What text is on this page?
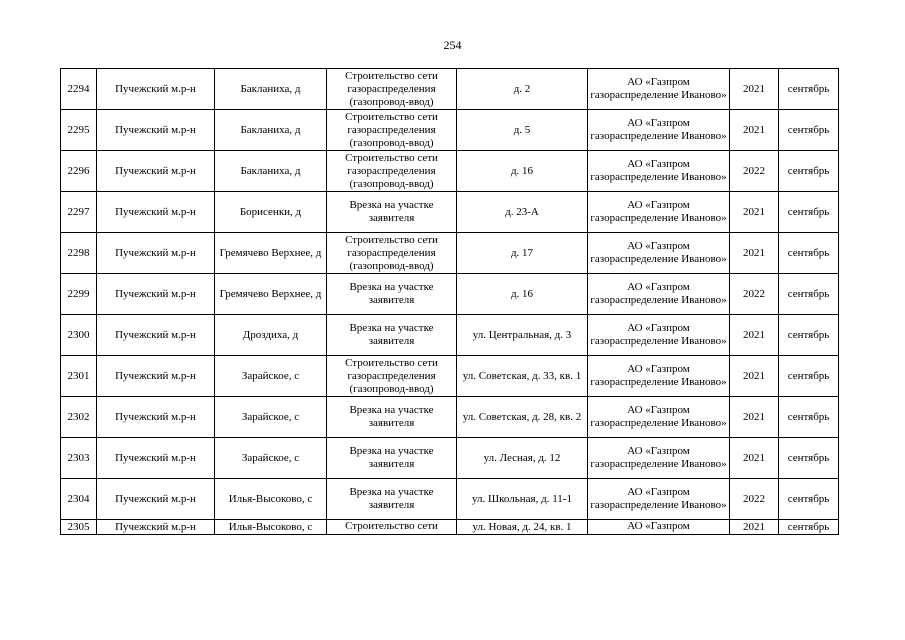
254
2294	Пучежский м.р-н	Бакланиха, д	Строительство сети газораспределения (газопровод-ввод)	д. 2	АО «Газпром газораспределение Иваново»	2021	сентябрь
2295	Пучежский м.р-н	Бакланиха, д	Строительство сети газораспределения (газопровод-ввод)	д. 5	АО «Газпром газораспределение Иваново»	2021	сентябрь
2296	Пучежский м.р-н	Бакланиха, д	Строительство сети газораспределения (газопровод-ввод)	д. 16	АО «Газпром газораспределение Иваново»	2022	сентябрь
2297	Пучежский м.р-н	Борисенки, д	Врезка на участке заявителя	д. 23-А	АО «Газпром газораспределение Иваново»	2021	сентябрь
2298	Пучежский м.р-н	Гремячево Верхнее, д	Строительство сети газораспределения (газопровод-ввод)	д. 17	АО «Газпром газораспределение Иваново»	2021	сентябрь
2299	Пучежский м.р-н	Гремячево Верхнее, д	Врезка на участке заявителя	д. 16	АО «Газпром газораспределение Иваново»	2022	сентябрь
2300	Пучежский м.р-н	Дроздиха, д	Врезка на участке заявителя	ул. Центральная, д. 3	АО «Газпром газораспределение Иваново»	2021	сентябрь
2301	Пучежский м.р-н	Зарайское, с	Строительство сети газораспределения (газопровод-ввод)	ул. Советская, д. 33, кв. 1	АО «Газпром газораспределение Иваново»	2021	сентябрь
2302	Пучежский м.р-н	Зарайское, с	Врезка на участке заявителя	ул. Советская, д. 28, кв. 2	АО «Газпром газораспределение Иваново»	2021	сентябрь
2303	Пучежский м.р-н	Зарайское, с	Врезка на участке заявителя	ул. Лесная, д. 12	АО «Газпром газораспределение Иваново»	2021	сентябрь
2304	Пучежский м.р-н	Илья-Высоково, с	Врезка на участке заявителя	ул. Школьная, д. 11-1	АО «Газпром газораспределение Иваново»	2022	сентябрь
2305	Пучежский м.р-н	Илья-Высоково, с	Строительство сети	ул. Новая, д. 24, кв. 1	АО «Газпром	2021	сентябрь
